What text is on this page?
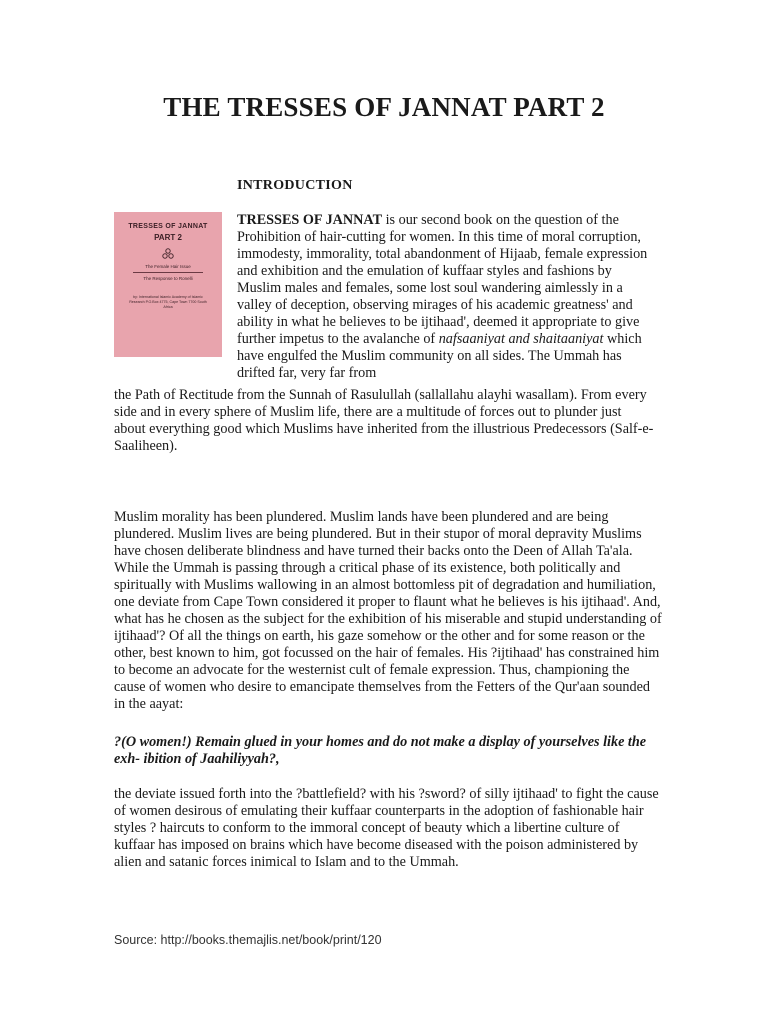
THE TRESSES OF JANNAT PART 2
INTRODUCTION
TRESSES OF JANNAT
PART 2
The Female Hair Issue
The Response to Ronelli
by: International Islamic Academy of Islamic Research P.O.Box 4775, Cape Town 7700 South Africa

TRESSES OF JANNAT is our second book on the question of the Prohibition of hair-cutting for women. In this time of moral corruption, immodesty, immorality, total abandonment of Hijaab, female expression and exhibition and the emulation of kuffaar styles and fashions by Muslim males and females, some lost soul wandering aimlessly in a valley of deception, observing mirages of his academic greatness' and ability in what he believes to be ijtihaad', deemed it appropriate to give further impetus to the avalanche of nafsaaniyat and shaitaaniyat which have engulfed the Muslim community on all sides. The Ummah has drifted far, very far from

the Path of Rectitude from the Sunnah of Rasulullah (sallallahu alayhi wasallam). From every side and in every sphere of Muslim life, there are a multitude of forces out to plunder just about everything good which Muslims have inherited from the illustrious Predecessors (Salf-e-Saaliheen).

Muslim morality has been plundered. Muslim lands have been plundered and are being plundered. Muslim lives are being plundered. But in their stupor of moral depravity Muslims have chosen deliberate blindness and have turned their backs onto the Deen of Allah Ta'ala. While the Ummah is passing through a critical phase of its existence, both politically and spiritually with Muslims wallowing in an almost bottomless pit of degradation and humiliation, one deviate from Cape Town considered it proper to flaunt what he believes is his ijtihaad'. And, what has he chosen as the subject for the exhibition of his miserable and stupid understanding of ijtihaad'? Of all the things on earth, his gaze somehow or the other and for some reason or the other, best known to him, got focussed on the hair of females. His ?ijtihaad' has constrained him to become an advocate for the westernist cult of female expression. Thus, championing the cause of women who desire to emancipate themselves from the Fetters of the Qur'aan sounded in the aayat:

?(O women!) Remain glued in your homes and do not make a display of yourselves like the exh- ibition of Jaahiliyyah?,

the deviate issued forth into the ?battlefield? with his ?sword? of silly ijtihaad' to fight the cause of women desirous of emulating their kuffaar counterparts in the adoption of fashionable hair styles ? haircuts to conform to the immoral concept of beauty which a libertine culture of kuffaar has imposed on brains which have become diseased with the poison administered by alien and satanic forces inimical to Islam and to the Ummah.

Source: http://books.themajlis.net/book/print/120
